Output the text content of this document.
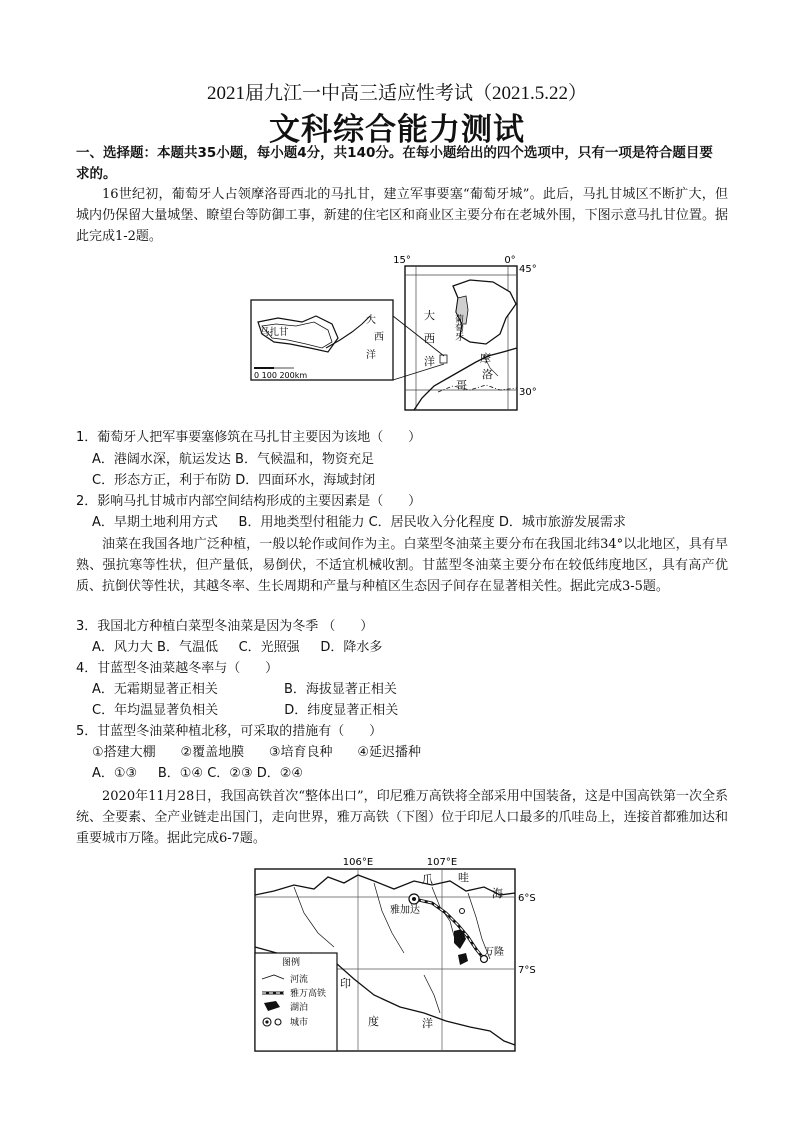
2021届九江一中高三适应性考试（2021.5.22）
文科综合能力测试
一、选择题：本题共35小题，每小题4分，共140分。在每小题给出的四个选项中，只有一项是符合题目要求的。
16世纪初，葡萄牙人占领摩洛哥西北的马扎甘，建立军事要塞“葡萄牙城”。此后，马扎甘城区不断扩大，但城内仍保留大量城堡、瞭望台等防御工事，新建的住宅区和商业区主要分布在老城外围，下图示意马扎甘位置。据此完成1-2题。
15°	0°
45°
30°
马扎甘
大
西
洋
0 100 200km
大
西
洋
葡萄牙
摩
洛
哥
1．葡萄牙人把军事要塞修筑在马扎甘主要因为该地（      ）
A．港阔水深，航运发达 B．气候温和，物资充足
C．形态方正，利于布防 D．四面环水，海域封闭
2．影响马扎甘城市内部空间结构形成的主要因素是（      ）
A．早期土地利用方式     B．用地类型付租能力 C．居民收入分化程度 D．城市旅游发展需求
油菜在我国各地广泛种植，一般以轮作或间作为主。白菜型冬油菜主要分布在我国北纬34°以北地区，具有早熟、强抗寒等性状，但产量低，易倒伏，不适宜机械收割。甘蓝型冬油菜主要分布在较低纬度地区，具有高产优质、抗倒伏等性状，其越冬率、生长周期和产量与种植区生态因子间存在显著相关性。据此完成3-5题。
3．我国北方种植白菜型冬油菜是因为冬季 （      ）
A．风力大 B．气温低     C．光照强     D．降水多
4．甘蓝型冬油菜越冬率与（      ）
A．无霜期显著正相关                B．海拔显著正相关
C．年均温显著负相关                D．纬度显著正相关
5．甘蓝型冬油菜种植北移，可采取的措施有（      ）
①搭建大棚      ②覆盖地膜      ③培育良种      ④延迟播种
A．①③     B．①④ C．②③ D．②④
2020年11月28日，我国高铁首次“整体出口”，印尼雅万高铁将全部采用中国装备，这是中国高铁第一次全系统、全要素、全产业链走出国门，走向世界，雅万高铁（下图）位于印尼人口最多的爪哇岛上，连接首都雅加达和重要城市万隆。据此完成6-7题。
106°E	107°E
6°S
7°S
爪 哇
海
雅加达
万隆
印
度	洋
图例
河流
雅万高铁
湖泊
城市
